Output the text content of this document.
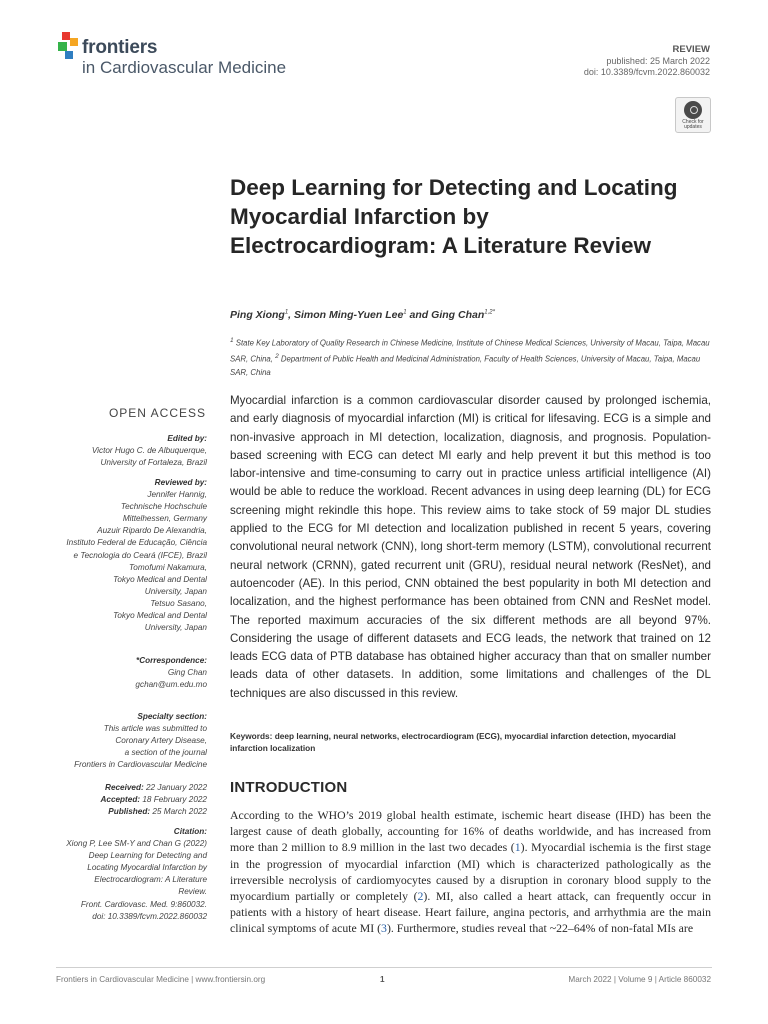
frontiers
in Cardiovascular Medicine
REVIEW
published: 25 March 2022
doi: 10.3389/fcvm.2022.860032
Check for
updates
Deep Learning for Detecting and Locating Myocardial Infarction by Electrocardiogram: A Literature Review
Ping Xiong$^1$, Simon Ming-Yuen Lee$^1$ and Ging Chan$^{1,2*}$
$^1$ State Key Laboratory of Quality Research in Chinese Medicine, Institute of Chinese Medical Sciences, University of Macau, Taipa, Macau SAR, China, $^2$ Department of Public Health and Medicinal Administration, Faculty of Health Sciences, University of Macau, Taipa, Macau SAR, China
OPEN ACCESS
Edited by:
Victor Hugo C. de Albuquerque,
University of Fortaleza, Brazil
Reviewed by:
Jennifer Hannig,
Technische Hochschule
Mittelhessen, Germany
Auzuir Ripardo De Alexandria,
Instituto Federal de Educação, Ciência
e Tecnologia do Ceará (IFCE), Brazil
Tomofumi Nakamura,
Tokyo Medical and Dental
University, Japan
Tetsuo Sasano,
Tokyo Medical and Dental
University, Japan
*Correspondence:
Ging Chan
gchan@um.edu.mo
Specialty section:
This article was submitted to
Coronary Artery Disease,
a section of the journal
Frontiers in Cardiovascular Medicine
Received: 22 January 2022
Accepted: 18 February 2022
Published: 25 March 2022
Citation:
Xiong P, Lee SM-Y and Chan G (2022)
Deep Learning for Detecting and
Locating Myocardial Infarction by
Electrocardiogram: A Literature
Review.
Front. Cardiovasc. Med. 9:860032.
doi: 10.3389/fcvm.2022.860032
Myocardial infarction is a common cardiovascular disorder caused by prolonged ischemia, and early diagnosis of myocardial infarction (MI) is critical for lifesaving. ECG is a simple and non-invasive approach in MI detection, localization, diagnosis, and prognosis. Population-based screening with ECG can detect MI early and help prevent it but this method is too labor-intensive and time-consuming to carry out in practice unless artificial intelligence (AI) would be able to reduce the workload. Recent advances in using deep learning (DL) for ECG screening might rekindle this hope. This review aims to take stock of 59 major DL studies applied to the ECG for MI detection and localization published in recent 5 years, covering convolutional neural network (CNN), long short-term memory (LSTM), convolutional recurrent neural network (CRNN), gated recurrent unit (GRU), residual neural network (ResNet), and autoencoder (AE). In this period, CNN obtained the best popularity in both MI detection and localization, and the highest performance has been obtained from CNN and ResNet model. The reported maximum accuracies of the six different methods are all beyond 97%. Considering the usage of different datasets and ECG leads, the network that trained on 12 leads ECG data of PTB database has obtained higher accuracy than that on smaller number leads data of other datasets. In addition, some limitations and challenges of the DL techniques are also discussed in this review.
Keywords: deep learning, neural networks, electrocardiogram (ECG), myocardial infarction detection, myocardial infarction localization
INTRODUCTION
According to the WHO’s 2019 global health estimate, ischemic heart disease (IHD) has been the largest cause of death globally, accounting for 16% of deaths worldwide, and has increased from more than 2 million to 8.9 million in the last two decades (1). Myocardial ischemia is the first stage in the progression of myocardial infarction (MI) which is characterized pathologically as the irreversible necrolysis of cardiomyocytes caused by a disruption in coronary blood supply to the myocardium partially or completely (2). MI, also called a heart attack, can frequently occur in patients with a history of heart disease. Heart failure, angina pectoris, and arrhythmia are the main clinical symptoms of acute MI (3). Furthermore, studies reveal that ~22–64% of non-fatal MIs are
Frontiers in Cardiovascular Medicine | www.frontiersin.org	1	March 2022 | Volume 9 | Article 860032
